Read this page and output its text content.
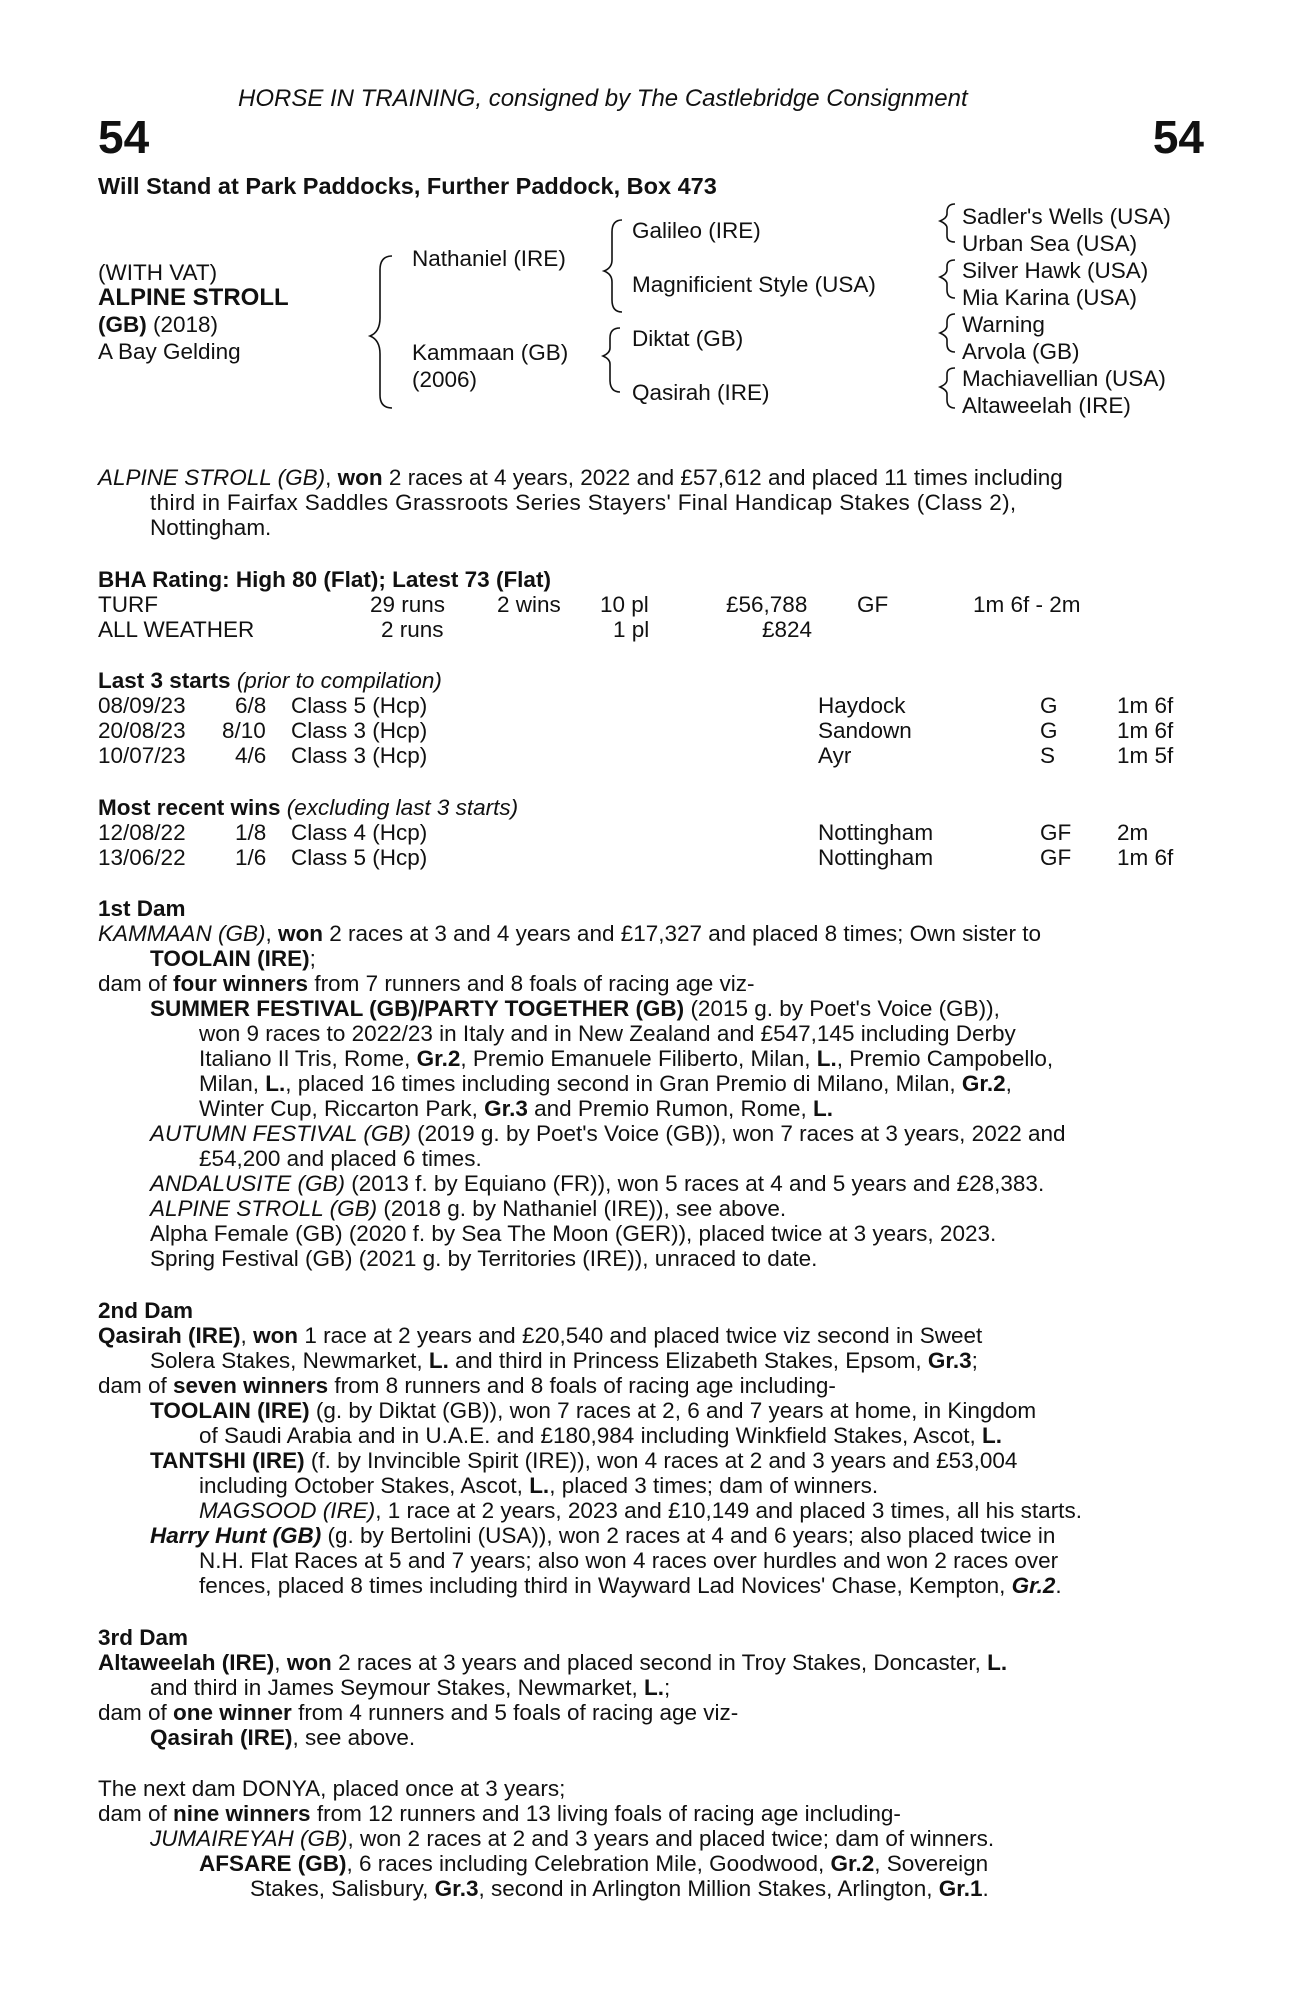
HORSE IN TRAINING, consigned by The Castlebridge Consignment
54	54
Will Stand at Park Paddocks, Further Paddock, Box 473
(WITH VAT)
ALPINE STROLL
(GB) (2018)
A Bay Gelding
Nathaniel (IRE)
Kammaan (GB)
(2006)
Galileo (IRE)
Magnificient Style (USA)
Diktat (GB)
Qasirah (IRE)
Sadler's Wells (USA)
Urban Sea (USA)
Silver Hawk (USA)
Mia Karina (USA)
Warning
Arvola (GB)
Machiavellian (USA)
Altaweelah (IRE)
ALPINE STROLL (GB), won 2 races at 4 years, 2022 and £57,612 and placed 11 times including
third in Fairfax Saddles Grassroots Series Stayers' Final Handicap Stakes (Class 2),
Nottingham.
BHA Rating: High 80 (Flat); Latest 73 (Flat)
TURF	29 runs 2 wins 10 pl	£56,788 GF	1m 6f - 2m
ALL WEATHER	2 runs	1 pl	£824
Last 3 starts (prior to compilation)
08/09/23 6/8 Class 5 (Hcp)	Haydock	G	1m 6f
20/08/23 8/10 Class 3 (Hcp)	Sandown	G	1m 6f
10/07/23 4/6 Class 3 (Hcp)	Ayr	S	1m 5f
Most recent wins (excluding last 3 starts)
12/08/22 1/8 Class 4 (Hcp)	Nottingham	GF 2m
13/06/22 1/6 Class 5 (Hcp)	Nottingham	GF 1m 6f
1st Dam
KAMMAAN (GB), won 2 races at 3 and 4 years and £17,327 and placed 8 times; Own sister to
TOOLAIN (IRE);
dam of four winners from 7 runners and 8 foals of racing age viz-
SUMMER FESTIVAL (GB)/PARTY TOGETHER (GB) (2015 g. by Poet's Voice (GB)),
won 9 races to 2022/23 in Italy and in New Zealand and £547,145 including Derby
Italiano Il Tris, Rome, Gr.2, Premio Emanuele Filiberto, Milan, L., Premio Campobello,
Milan, L., placed 16 times including second in Gran Premio di Milano, Milan, Gr.2,
Winter Cup, Riccarton Park, Gr.3 and Premio Rumon, Rome, L.
AUTUMN FESTIVAL (GB) (2019 g. by Poet's Voice (GB)), won 7 races at 3 years, 2022 and
£54,200 and placed 6 times.
ANDALUSITE (GB) (2013 f. by Equiano (FR)), won 5 races at 4 and 5 years and £28,383.
ALPINE STROLL (GB) (2018 g. by Nathaniel (IRE)), see above.
Alpha Female (GB) (2020 f. by Sea The Moon (GER)), placed twice at 3 years, 2023.
Spring Festival (GB) (2021 g. by Territories (IRE)), unraced to date.
2nd Dam
Qasirah (IRE), won 1 race at 2 years and £20,540 and placed twice viz second in Sweet
Solera Stakes, Newmarket, L. and third in Princess Elizabeth Stakes, Epsom, Gr.3;
dam of seven winners from 8 runners and 8 foals of racing age including-
TOOLAIN (IRE) (g. by Diktat (GB)), won 7 races at 2, 6 and 7 years at home, in Kingdom
of Saudi Arabia and in U.A.E. and £180,984 including Winkfield Stakes, Ascot, L.
TANTSHI (IRE) (f. by Invincible Spirit (IRE)), won 4 races at 2 and 3 years and £53,004
including October Stakes, Ascot, L., placed 3 times; dam of winners.
MAGSOOD (IRE), 1 race at 2 years, 2023 and £10,149 and placed 3 times, all his starts.
Harry Hunt (GB) (g. by Bertolini (USA)), won 2 races at 4 and 6 years; also placed twice in
N.H. Flat Races at 5 and 7 years; also won 4 races over hurdles and won 2 races over
fences, placed 8 times including third in Wayward Lad Novices' Chase, Kempton, Gr.2.
3rd Dam
Altaweelah (IRE), won 2 races at 3 years and placed second in Troy Stakes, Doncaster, L.
and third in James Seymour Stakes, Newmarket, L.;
dam of one winner from 4 runners and 5 foals of racing age viz-
Qasirah (IRE), see above.
The next dam DONYA, placed once at 3 years;
dam of nine winners from 12 runners and 13 living foals of racing age including-
JUMAIREYAH (GB), won 2 races at 2 and 3 years and placed twice; dam of winners.
AFSARE (GB), 6 races including Celebration Mile, Goodwood, Gr.2, Sovereign
Stakes, Salisbury, Gr.3, second in Arlington Million Stakes, Arlington, Gr.1.
